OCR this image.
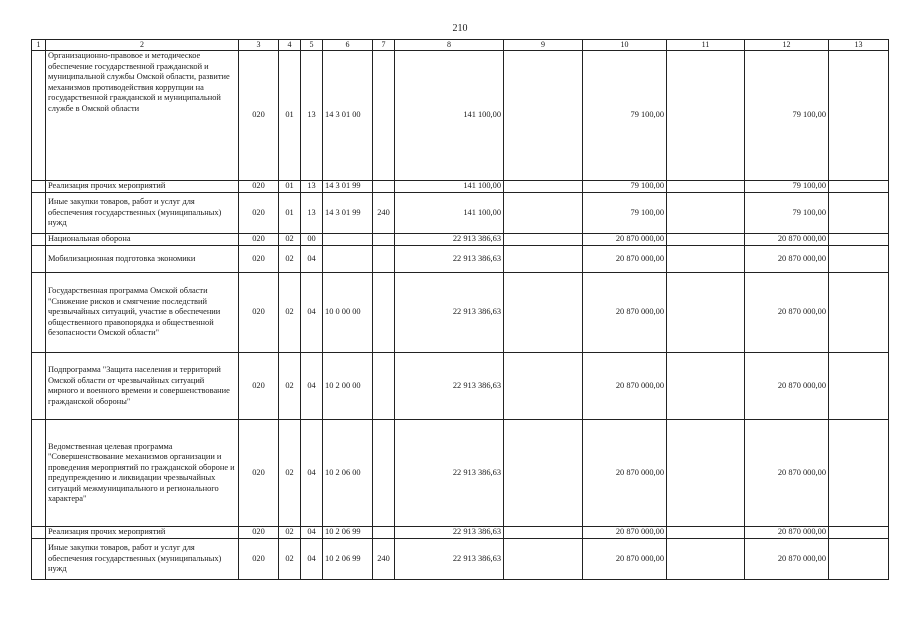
210
1	2	3	4	5	6	7	8	9	10	11	12	13
	Организационно-правовое и методическое обеспечение государственной гражданской и муниципальной службы Омской области, развитие механизмов противодействия коррупции на государственной гражданской и муниципальной службе в Омской области	020	01	13	14 3 01 00		141 100,00		79 100,00		79 100,00	
	Реализация прочих мероприятий	020	01	13	14 3 01 99		141 100,00		79 100,00		79 100,00	
	Иные закупки товаров, работ и услуг для обеспечения государственных (муниципальных) нужд	020	01	13	14 3 01 99	240	141 100,00		79 100,00		79 100,00	
	Национальная оборона	020	02	00			22 913 386,63		20 870 000,00		20 870 000,00	
	Мобилизационная подготовка экономики	020	02	04			22 913 386,63		20 870 000,00		20 870 000,00	
	Государственная программа Омской области "Снижение рисков и смягчение последствий чрезвычайных ситуаций, участие в обеспечении общественного правопорядка и общественной безопасности Омской области"	020	02	04	10 0 00 00		22 913 386,63		20 870 000,00		20 870 000,00	
	Подпрограмма "Защита населения и территорий Омской области от чрезвычайных ситуаций мирного и военного времени и совершенствование гражданской обороны"	020	02	04	10 2 00 00		22 913 386,63		20 870 000,00		20 870 000,00	
	Ведомственная целевая программа "Совершенствование механизмов организации и проведения мероприятий по гражданской обороне и предупреждению и ликвидации чрезвычайных ситуаций межмуниципального и регионального характера"	020	02	04	10 2 06 00		22 913 386,63		20 870 000,00		20 870 000,00	
	Реализация прочих мероприятий	020	02	04	10 2 06 99		22 913 386,63		20 870 000,00		20 870 000,00	
	Иные закупки товаров, работ и услуг для обеспечения государственных (муниципальных) нужд	020	02	04	10 2 06 99	240	22 913 386,63		20 870 000,00		20 870 000,00	
